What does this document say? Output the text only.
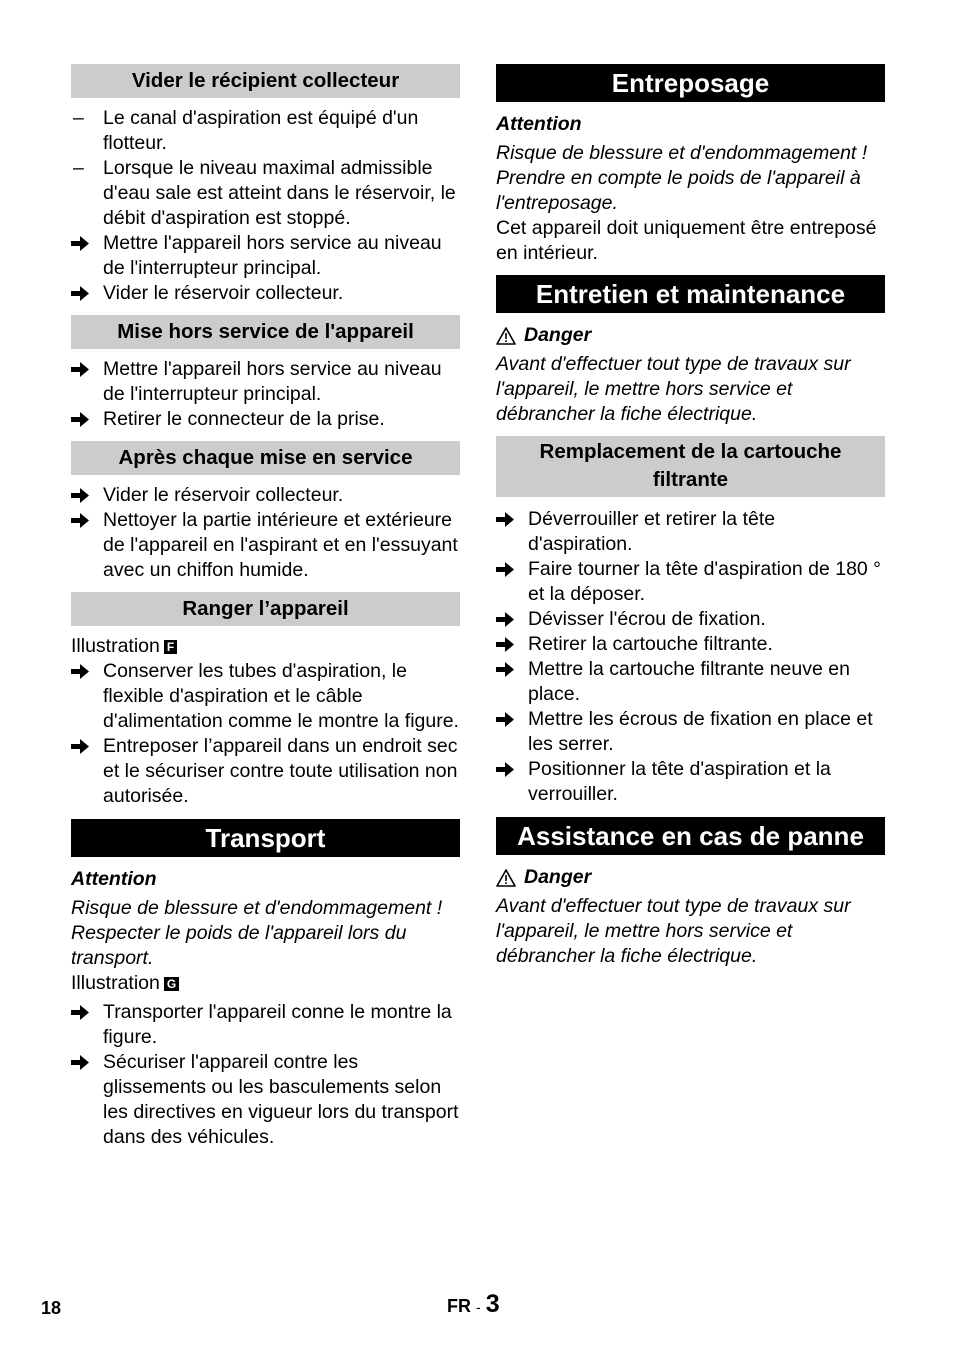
Vider le récipient collecteur
– Le canal d'aspiration est équipé d'un flotteur.
– Lorsque le niveau maximal admissible d'eau sale est atteint dans le réservoir, le débit d'aspiration est stoppé.
Mettre l'appareil hors service au niveau de l'interrupteur principal.
Vider le réservoir collecteur.
Mise hors service de l'appareil
Mettre l'appareil hors service au niveau de l'interrupteur principal.
Retirer le connecteur de la prise.
Après chaque mise en service
Vider le réservoir collecteur.
Nettoyer la partie intérieure et extérieure de l'appareil en l'aspirant et en l'essuyant avec un chiffon humide.
Ranger l’appareil
Illustration F
Conserver les tubes d'aspiration, le flexible d'aspiration et le câble d'alimentation comme le montre la figure.
Entreposer l’appareil dans un endroit sec et le sécuriser contre toute utilisation non autorisée.
Transport
Attention
Risque de blessure et d'endommagement ! Respecter le poids de l'appareil lors du transport.
Illustration G
Transporter l'appareil conne le montre la figure.
Sécuriser l'appareil contre les glissements ou les basculements selon les directives en vigueur lors du transport dans des véhicules.
Entreposage
Attention
Risque de blessure et d'endommagement ! Prendre en compte le poids de l'appareil à l'entreposage.
Cet appareil doit uniquement être entreposé en intérieur.
Entretien et maintenance
Danger
Avant d'effectuer tout type de travaux sur l'appareil, le mettre hors service et débrancher la fiche électrique.
Remplacement de la cartouche filtrante
Déverrouiller et retirer la tête d'aspiration.
Faire tourner la tête d'aspiration de 180 ° et la déposer.
Dévisser l'écrou de fixation.
Retirer la cartouche filtrante.
Mettre la cartouche filtrante neuve en place.
Mettre les écrous de fixation en place et les serrer.
Positionner la tête d'aspiration et la verrouiller.
Assistance en cas de panne
Danger
Avant d'effectuer tout type de travaux sur l'appareil, le mettre hors service et débrancher la fiche électrique.
18	FR - 3
